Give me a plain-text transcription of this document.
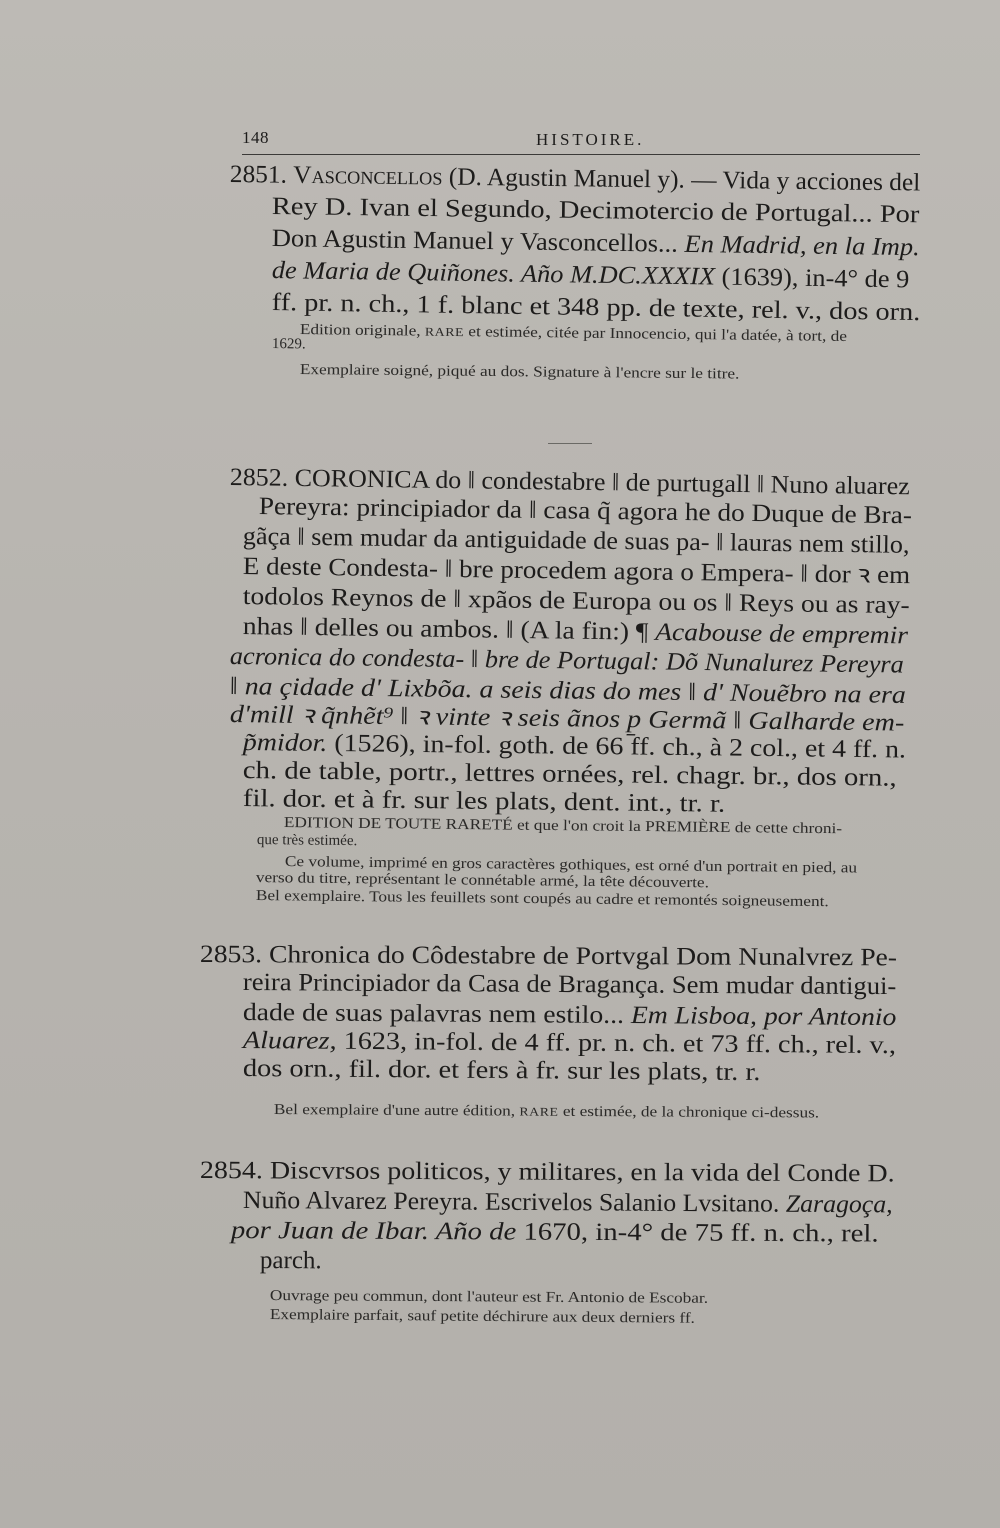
148	HISTOIRE.
2851. Vasconcellos (D. Agustin Manuel y). — Vida y acciones del
Rey D. Ivan el Segundo, Decimotercio de Portugal... Por
Don Agustin Manuel y Vasconcellos... En Madrid, en la Imp.
de Maria de Quiñones. Año M.DC.XXXIX (1639), in-4° de 9
ff. pr. n. ch., 1 f. blanc et 348 pp. de texte, rel. v., dos orn.
Edition originale, RARE et estimée, citée par Innocencio, qui l'a datée, à tort, de
1629.
Exemplaire soigné, piqué au dos. Signature à l'encre sur le titre.
2852. CORONICA do ‖ condestabre ‖ de purtugall ‖ Nuno aluarez
Pereyra: principiador da ‖ casa q̃ agora he do Duque de Bra-
gãça ‖ sem mudar da antiguidade de suas pa- ‖ lauras nem stillo,
E deste Condesta- ‖ bre procedem agora o Empera- ‖ dor ꝛ em
todolos Reynos de ‖ xpãos de Europa ou os ‖ Reys ou as ray-
nhas ‖ delles ou ambos. ‖ (A la fin:) ¶ Acabouse de empremir
acronica do condesta- ‖ bre de Portugal: Dõ Nunalurez Pereyra
‖ na çidade d' Lixbõa. a seis dias do mes ‖ d' Nouẽbro na era
d'mill ꝛ q̃nhẽt⁹ ‖ ꝛ vinte ꝛ seis ãnos p̱ Germã ‖ Galharde em-
p̃midor. (1526), in-fol. goth. de 66 ff. ch., à 2 col., et 4 ff. n.
ch. de table, portr., lettres ornées, rel. chagr. br., dos orn.,
fil. dor. et à fr. sur les plats, dent. int., tr. r.
EDITION DE TOUTE RARETÉ et que l'on croit la PREMIÈRE de cette chroni-
que très estimée.
Ce volume, imprimé en gros caractères gothiques, est orné d'un portrait en pied, au
verso du titre, représentant le connétable armé, la tête découverte.
Bel exemplaire. Tous les feuillets sont coupés au cadre et remontés soigneusement.
2853. Chronica do Côdestabre de Portvgal Dom Nunalvrez Pe-
reira Principiador da Casa de Bragança. Sem mudar dantigui-
dade de suas palavras nem estilo... Em Lisboa, por Antonio
Aluarez, 1623, in-fol. de 4 ff. pr. n. ch. et 73 ff. ch., rel. v.,
dos orn., fil. dor. et fers à fr. sur les plats, tr. r.
Bel exemplaire d'une autre édition, RARE et estimée, de la chronique ci-dessus.
2854. Discvrsos politicos, y militares, en la vida del Conde D.
Nuño Alvarez Pereyra. Escrivelos Salanio Lvsitano. Zaragoça,
por Juan de Ibar. Año de 1670, in-4° de 75 ff. n. ch., rel.
parch.
Ouvrage peu commun, dont l'auteur est Fr. Antonio de Escobar.
Exemplaire parfait, sauf petite déchirure aux deux derniers ff.
